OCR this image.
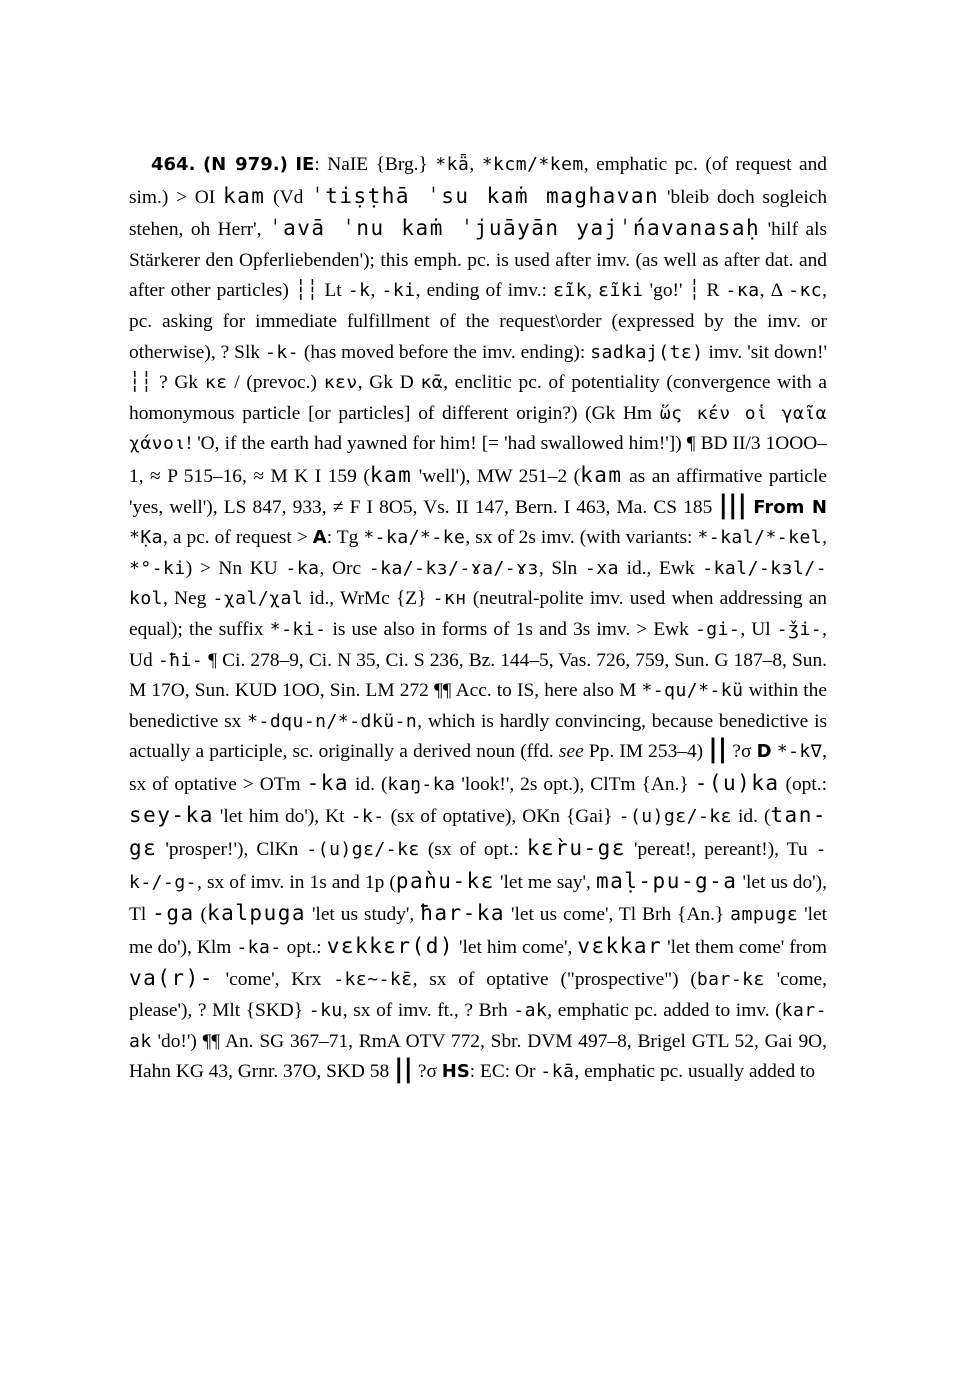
464. (N 979.) IE: NaIE {Brg.} *kǟ, *kcm/*kem, emphatic pc. (of request and sim.) > OI kam (Vd ˈtiṣṭhā ˈsu kaṁ maghavan 'bleib doch sogleich stehen, oh Herr', ˈavā ˈnu kaṁ ˈjuāyān yajˈńavanasaḥ 'hilf als Stärkerer den Opferliebenden'); this emph. pc. is used after imv. (as well as after dat. and after other particles) ┆┆ Lt -k, -ki, ending of imv.: ɛĩk, ɛĩki 'go!' ┆ R -ка, Δ -кс, pc. asking for immediate fulfillment of the request\order (expressed by the imv. or otherwise), ? Slk -k- (has moved before the imv. ending): sadkaj(tɛ) imv. 'sit down!' ┆┆ ? Gk κε / (prevoc.) κεν, Gk D κᾱ, enclitic pc. of potentiality (convergence with a homonymous particle [or particles] of different origin?) (Gk Hm ὥς κέν οἱ γαῖα χάνοι! 'O, if the earth had yawned for him! [= 'had swallowed him!']) ¶ BD II/3 1OOO–1, ≈ P 515–16, ≈ M K I 159 (kam 'well'), MW 251–2 (kam as an affirmative particle 'yes, well'), LS 847, 933, ≠ F I 8O5, Vs. II 147, Bern. I 463, Ma. CS 185 ||| From N *Ḳa, a pc. of request > A: Tg *-ka/*-ke, sx of 2s imv. (with variants: *-kal/*-kel, *°-ki) > Nn KU -ka, Orc -ka/-kз/-ɤa/-ɤз, Sln -xa id., Ewk -kal/-kзl/-kol, Neg -χal/χal id., WrMc {Z} -кн (neutral-polite imv. used when addressing an equal); the suffix *-ki- is use also in forms of 1s and 3s imv. > Ewk -gi-, Ul -ǯi-, Ud -ħi- ¶ Ci. 278–9, Ci. N 35, Ci. S 236, Bz. 144–5, Vas. 726, 759, Sun. G 187–8, Sun. M 17O, Sun. KUD 1OO, Sin. LM 272 ¶¶ Acc. to IS, here also M *-qu/*-kü within the benedictive sx *-dqu-n/*-dkü-n, which is hardly convincing, because benedictive is actually a participle, sc. originally a derived noun (ffd. see Pp. IM 253–4) || ?σ D *-k∇, sx of optative > OTm -ka id. (kaŋ-ka 'look!', 2s opt.), ClTm {An.} -(u)ka (opt.: sey-ka 'let him do'), Kt -k- (sx of optative), OKn {Gai} -(u)gɛ/-kɛ id. (tan-gɛ 'prosper!'), ClKn -(u)gɛ/-kɛ (sx of opt.: kɛr̀u-gɛ 'pereat!, pereant!), Tu -k-/-g-, sx of imv. in 1s and 1p (paǹu-kɛ 'let me say', maḷ-pu-g-a 'let us do'), Tl -ga (kalpuga 'let us study', ħar-ka 'let us come', Tl Brh {An.} ampugɛ 'let me do'), Klm -ka- opt.: vɛkkɛr(d) 'let him come', vɛkkar 'let them come' from va(r)- 'come', Krx -kɛ~-kɛ̄, sx of optative ("prospective") (bar-kɛ 'come, please'), ? Mlt {SKD} -ku, sx of imv. ft., ? Brh -ak, emphatic pc. added to imv. (kar-ak 'do!') ¶¶ An. SG 367–71, RmA OTV 772, Sbr. DVM 497–8, Brigel GTL 52, Gai 9O, Hahn KG 43, Grnr. 37O, SKD 58 || ?σ HS: EC: Or -kā, emphatic pc. usually added to
